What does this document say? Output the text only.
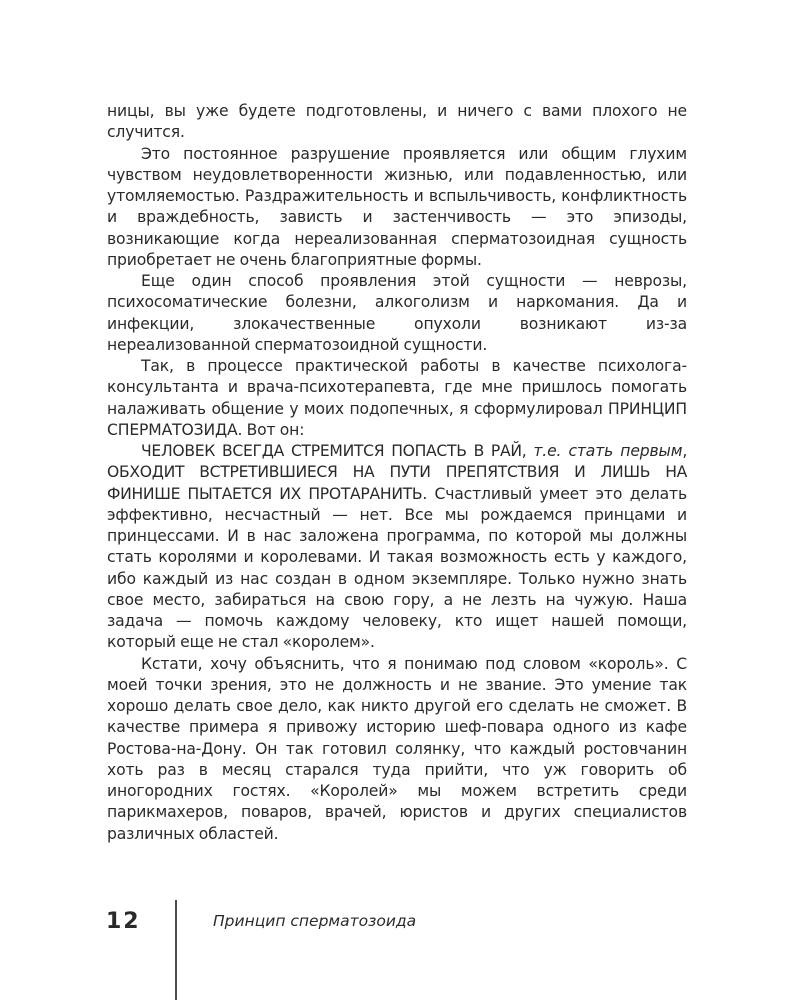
ницы, вы уже будете подготовлены, и ничего с вами плохого не случится.

Это постоянное разрушение проявляется или общим глухим чувством неудовлетворенности жизнью, или подавленностью, или утомляемостью. Раздражительность и вспыльчивость, конфликтность и враждебность, зависть и застенчивость — это эпизоды, возникающие когда нереализованная сперматозоидная сущность приобретает не очень благоприятные формы.

Еще один способ проявления этой сущности — неврозы, психосоматические болезни, алкоголизм и наркомания. Да и инфекции, злокачественные опухоли возникают из-за нереализованной сперматозоидной сущности.

Так, в процессе практической работы в качестве психолога-консультанта и врача-психотерапевта, где мне пришлось помогать налаживать общение у моих подопечных, я сформулировал ПРИНЦИП СПЕРМАТОЗИДА. Вот он:

ЧЕЛОВЕК ВСЕГДА СТРЕМИТСЯ ПОПАСТЬ В РАЙ, т.е. стать первым, ОБХОДИТ ВСТРЕТИВШИЕСЯ НА ПУТИ ПРЕПЯТСТВИЯ И ЛИШЬ НА ФИНИШЕ ПЫТАЕТСЯ ИХ ПРОТАРАНИТЬ. Счастливый умеет это делать эффективно, несчастный — нет. Все мы рождаемся принцами и принцессами. И в нас заложена программа, по которой мы должны стать королями и королевами. И такая возможность есть у каждого, ибо каждый из нас создан в одном экземпляре. Только нужно знать свое место, забираться на свою гору, а не лезть на чужую. Наша задача — помочь каждому человеку, кто ищет нашей помощи, который еще не стал «королем».

Кстати, хочу объяснить, что я понимаю под словом «король». С моей точки зрения, это не должность и не звание. Это умение так хорошо делать свое дело, как никто другой его сделать не сможет. В качестве примера я привожу историю шеф-повара одного из кафе Ростова-на-Дону. Он так готовил солянку, что каждый ростовчанин хоть раз в месяц старался туда прийти, что уж говорить об иногородних гостях. «Королей» мы можем встретить среди парикмахеров, поваров, врачей, юристов и других специалистов различных областей.

12	Принцип сперматозоида
